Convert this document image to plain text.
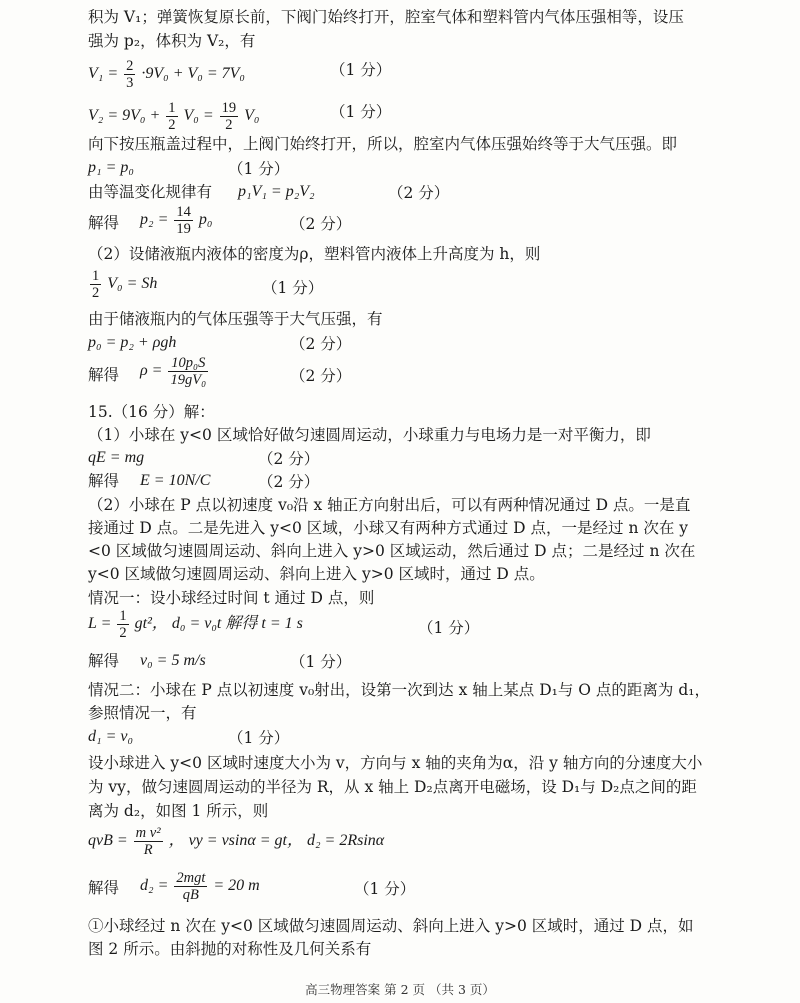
积为 V₁；弹簧恢复原长前，下阀门始终打开，腔室气体和塑料管内气体压强相等，设压
强为 p₂，体积为 V₂，有
$V_1 = \frac{2}{3} \cdot 9V_0 + V_0 = 7V_0$	（1 分）
$V_2 = 9V_0 + \frac{1}{2} V_0 = \frac{19}{2} V_0$	（1 分）
向下按压瓶盖过程中，上阀门始终打开，所以，腔室内气体压强始终等于大气压强。即
p₁ = p₀	（1 分）
由等温变化规律有 p₁V₁ = p₂V₂	（2 分）
解得 $p_2 = \frac{14}{19} p_0$	（2 分）
（2）设储液瓶内液体的密度为ρ，塑料管内液体上升高度为 h，则
$\frac{1}{2} V_0 = Sh$	（1 分）
由于储液瓶内的气体压强等于大气压强，有
p₀ = p₂ + ρgh	（2 分）
解得 $\rho = \frac{\text{10p₀S}}{\text{19gV₀}}$	（2 分）
15.（16 分）解：
（1）小球在 y<0 区域恰好做匀速圆周运动，小球重力与电场力是一对平衡力，即
qE = mg	（2 分）
解得 E = 10N/C	（2 分）
（2）小球在 P 点以初速度 v₀沿 x 轴正方向射出后，可以有两种情况通过 D 点。一是直
接通过 D 点。二是先进入 y<0 区域，小球又有两种方式通过 D 点，一是经过 n 次在 y
<0 区域做匀速圆周运动、斜向上进入 y>0 区域运动，然后通过 D 点；二是经过 n 次在
y<0 区域做匀速圆周运动、斜向上进入 y>0 区域时，通过 D 点。
情况一：设小球经过时间 t 通过 D 点，则
$L = \frac{1}{2} gt^2$， d₀ = v₀t 解得 t = 1 s	（1 分）
解得 v₀ = 5 m/s	（1 分）
情况二：小球在 P 点以初速度 v₀射出，设第一次到达 x 轴上某点 D₁与 O 点的距离为 d₁，
参照情况一，有
d₁ = v₀	（1 分）
设小球进入 y<0 区域时速度大小为 v，方向与 x 轴的夹角为α，沿 y 轴方向的分速度大小
为 vy，做匀速圆周运动的半径为 R，从 x 轴上 D₂点离开电磁场，设 D₁与 D₂点之间的距
离为 d₂，如图 1 所示，则
qvB = $\frac{\text{m v²}}{R}$ ， vy = vsinα = gt， d₂ = 2Rsinα
解得 $d_2 = \frac{\text{2mgt}}{qB} = 20$ m	（1 分）
①小球经过 n 次在 y<0 区域做匀速圆周运动、斜向上进入 y>0 区域时，通过 D 点，如
图 2 所示。由斜抛的对称性及几何关系有
高三物理答案 第 2 页 （共 3 页）
